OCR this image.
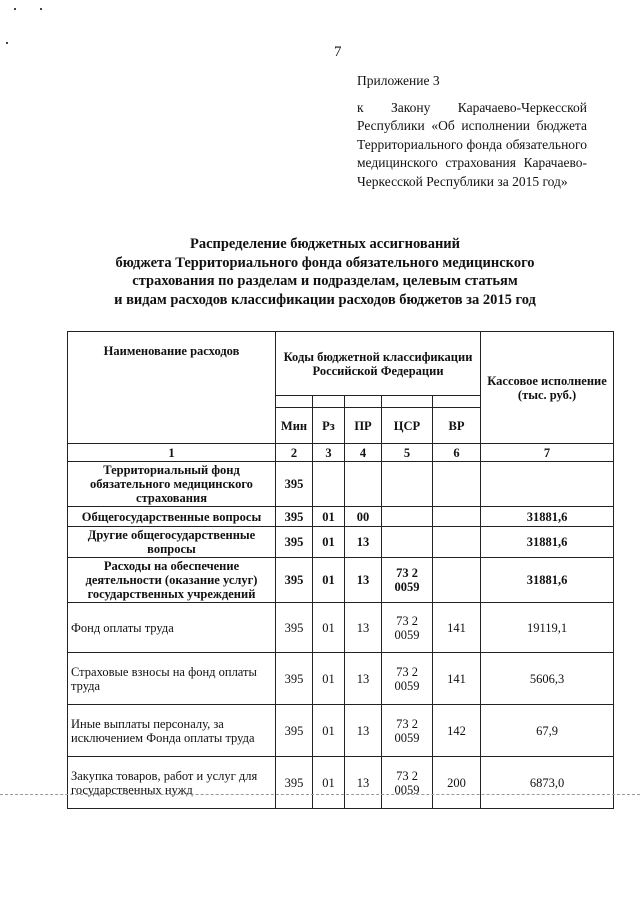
7
Приложение 3
к Закону Карачаево-Черкесской Республики «Об исполнении бюджета Территориального фонда обязательного медицинского страхования Карачаево-Черкесской Республики за 2015 год»
Распределение бюджетных ассигнований
бюджета Территориального фонда обязательного медицинского
страхования по разделам и подразделам, целевым статьям
и видам расходов классификации расходов бюджетов за 2015 год
Наименование расходов	Коды бюджетной классификации Российской Федерации					Кассовое исполнение (тыс. руб.)

	Мин	Рз	ПР	ЦСР	ВР	
1	2	3	4	5	6	7
Территориальный фонд обязательного медицинского страхования	395					
Общегосударственные вопросы	395	01	00			31881,6
Другие общегосударственные вопросы	395	01	13			31881,6
Расходы на обеспечение деятельности (оказание услуг) государственных учреждений	395	01	13	73 2 0059		31881,6
Фонд оплаты труда	395	01	13	73 2 0059	141	19119,1
Страховые взносы на фонд оплаты труда	395	01	13	73 2 0059	141	5606,3
Иные выплаты персоналу, за исключением Фонда оплаты труда	395	01	13	73 2 0059	142	67,9
Закупка товаров, работ и услуг для государственных нужд	395	01	13	73 2 0059	200	6873,0
